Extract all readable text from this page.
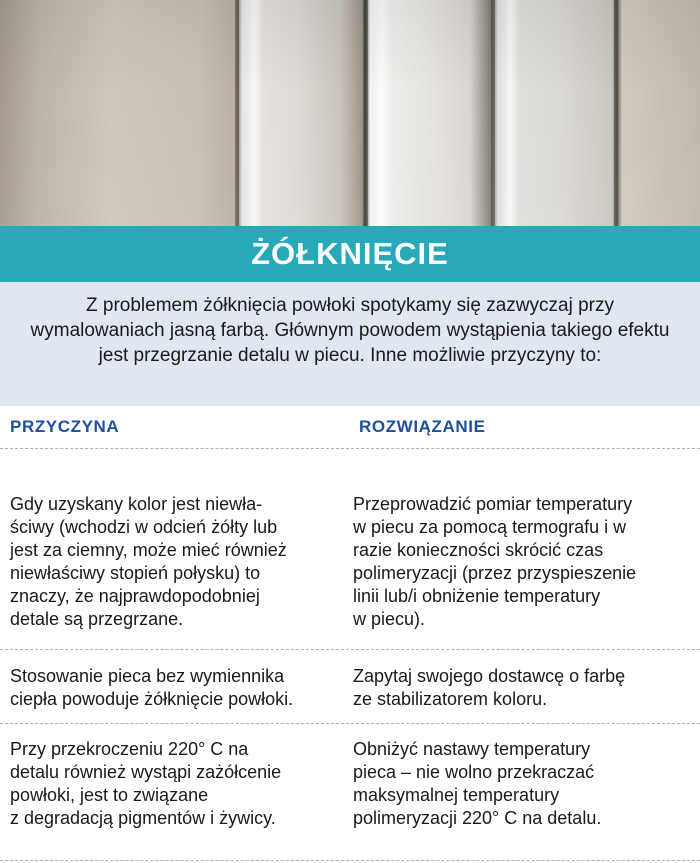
ŻÓŁKNIĘCIE
Z problemem żółknięcia powłoki spotykamy się zazwyczaj przy wymalowaniach jasną farbą. Głównym powodem wystąpienia takiego efektu jest przegrzanie detalu w piecu. Inne możliwie przyczyny to:
PRZYCZYNA	ROZWIĄZANIE
Gdy uzyskany kolor jest niewła-
ściwy (wchodzi w odcień żółty lub
jest za ciemny, może mieć również
niewłaściwy stopień połysku) to
znaczy, że najprawdopodobniej
detale są przegrzane.
Przeprowadzić pomiar temperatury
w piecu za pomocą termografu i w
razie konieczności skrócić czas
polimeryzacji (przez przyspieszenie
linii lub/i obniżenie temperatury
w piecu).
Stosowanie pieca bez wymiennika
ciepła powoduje żółknięcie powłoki.
Zapytaj swojego dostawcę o farbę
ze stabilizatorem koloru.
Przy przekroczeniu 220° C na
detalu również wystąpi zażółcenie
powłoki, jest to związane
z degradacją pigmentów i żywicy.
Obniżyć nastawy temperatury
pieca – nie wolno przekraczać
maksymalnej temperatury
polimeryzacji 220° C na detalu.
